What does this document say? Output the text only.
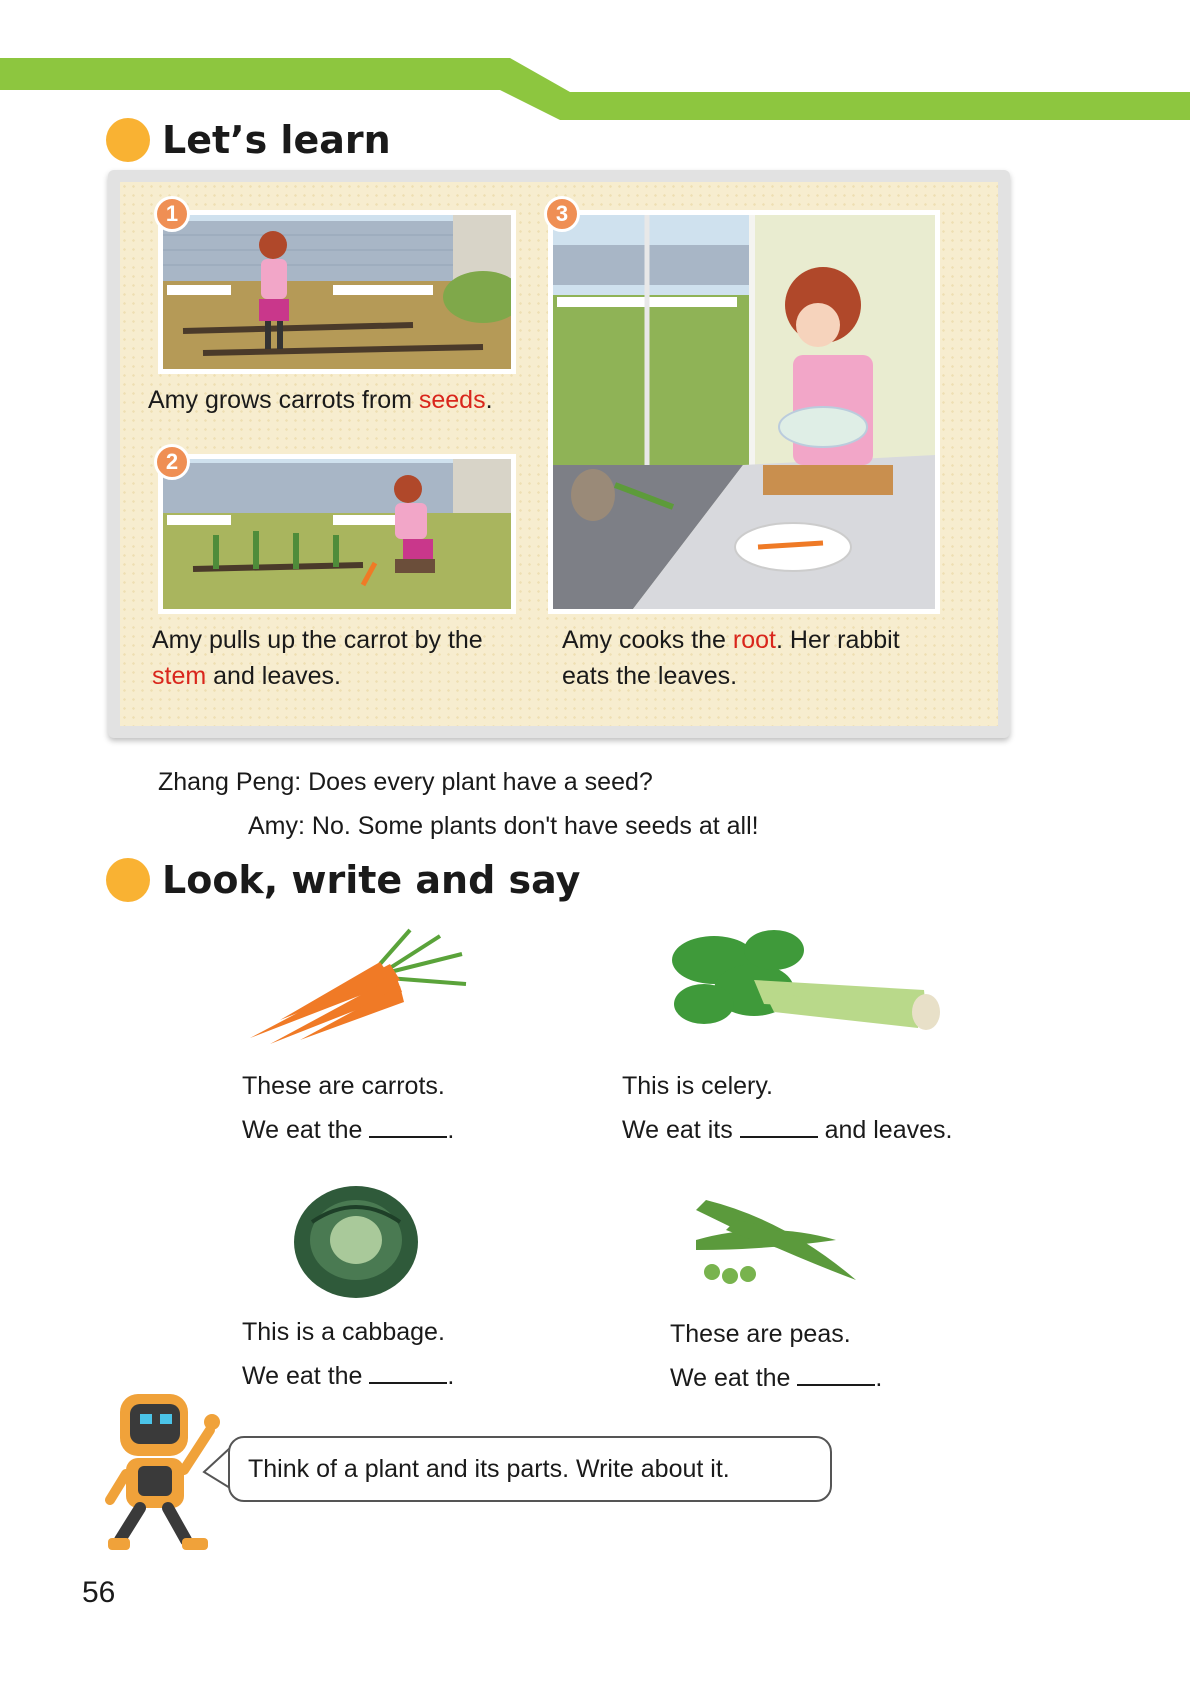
Let’s learn
1
Amy grows carrots from seeds.
2
Amy pulls up the carrot by the
stem and leaves.
3
Amy cooks the root. Her rabbit
eats the leaves.
Zhang Peng: Does every plant have a seed?
Amy: No. Some plants don't have seeds at all!
Look, write and say
These are carrots.
We eat the	.
This is celery.
We eat its	and leaves.
This is a cabbage.
We eat the	.
These are peas.
We eat the	.
Think of a plant and its parts. Write about it.
56
